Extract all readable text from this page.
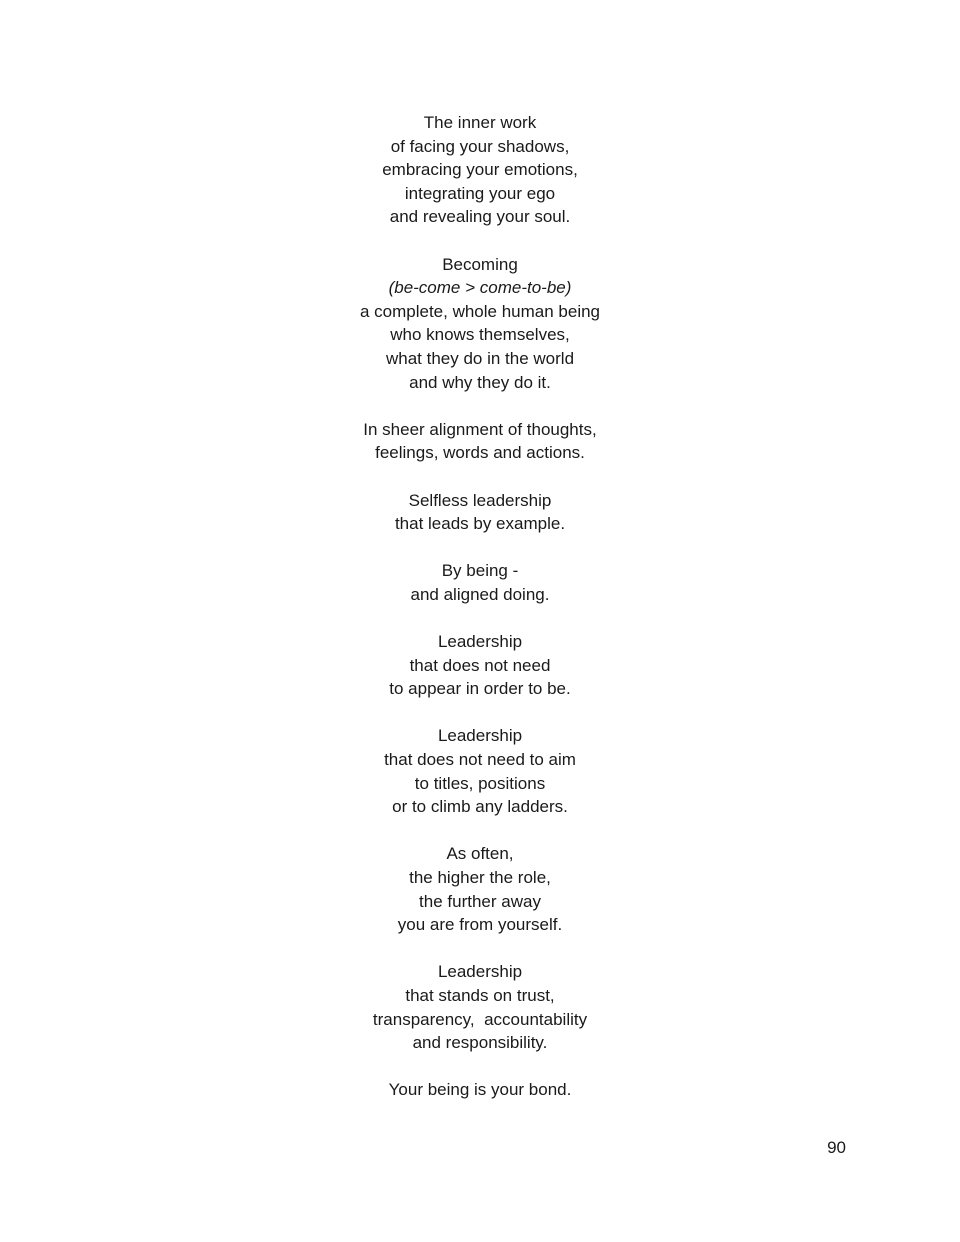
The inner work
of facing your shadows,
embracing your emotions,
integrating your ego
and revealing your soul.
Becoming
(be-come > come-to-be)
a complete, whole human being
who knows themselves,
what they do in the world
and why they do it.
In sheer alignment of thoughts,
feelings, words and actions.
Selfless leadership
that leads by example.
By being -
and aligned doing.
Leadership
that does not need
to appear in order to be.
Leadership
that does not need to aim
to titles, positions
or to climb any ladders.
As often,
the higher the role,
the further away
you are from yourself.
Leadership
that stands on trust,
transparency,  accountability
and responsibility.
Your being is your bond.
90
